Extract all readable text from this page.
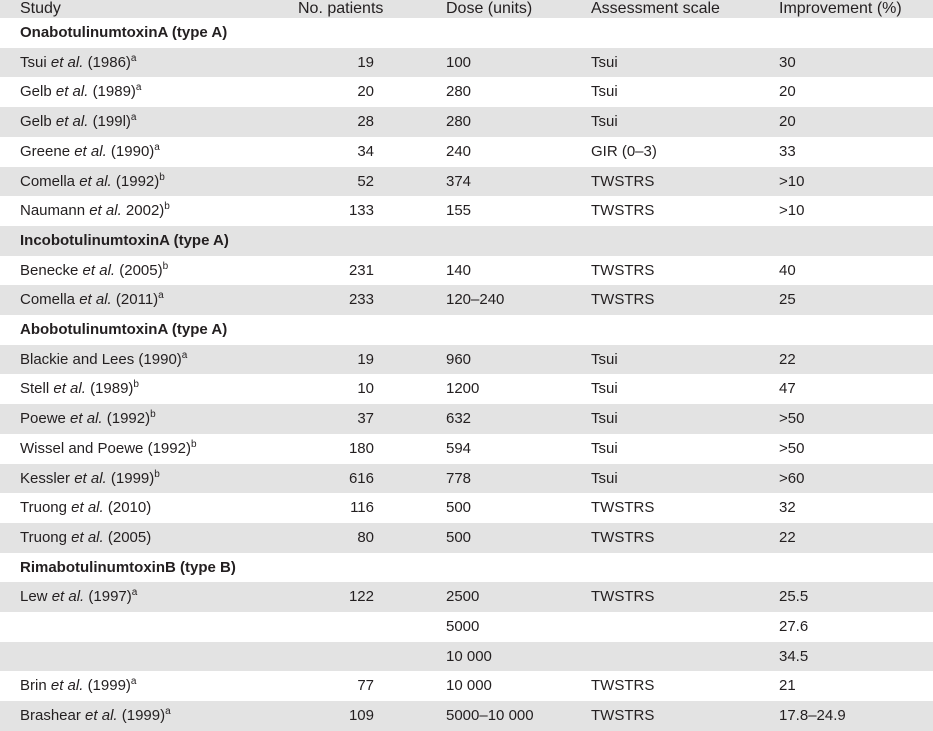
Study	No. patients	Dose (units)	Assessment scale	Improvement (%)
OnabotulinumtoxinA (type A)				
Tsui et al. $(1986)^a$	19	100	Tsui	30
Gelb et al. $(1989)^a$	20	280	Tsui	20
Gelb et al. $(199l)^a$	28	280	Tsui	20
Greene et al. $(1990)^a$	34	240	GIR (0–3)	33
Comella et al. $(1992)^b$	52	374	TWSTRS	>10
Naumann et al. 2002)$^b$	133	155	TWSTRS	>10
IncobotulinumtoxinA (type A)				
Benecke et al. $(2005)^b$	231	140	TWSTRS	40
Comella et al. $(2011)^a$	233	120–240	TWSTRS	25
AbobotulinumtoxinA (type A)				
Blackie and Lees $(1990)^a$	19	960	Tsui	22
Stell et al. $(1989)^b$	10	1200	Tsui	47
Poewe et al. $(1992)^b$	37	632	Tsui	>50
Wissel and Poewe $(1992)^b$	180	594	Tsui	>50
Kessler et al. $(1999)^b$	616	778	Tsui	>60
Truong et al. (2010)	116	500	TWSTRS	32
Truong et al. (2005)	80	500	TWSTRS	22
RimabotulinumtoxinB (type B)				
Lew et al. $(1997)^a$	122	2500	TWSTRS	25.5
		5000		27.6
		10 000		34.5
Brin et al. $(1999)^a$	77	10 000	TWSTRS	21
Brashear et al. $(1999)^a$	109	5000–10 000	TWSTRS	17.8–24.9
